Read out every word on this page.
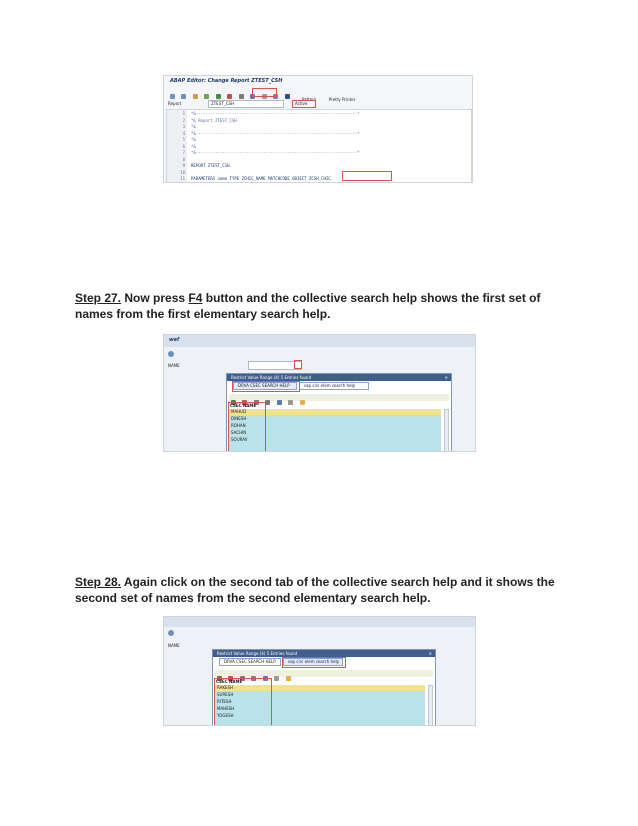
ABAP Editor: Change Report ZTEST_CSH
Pattern	Pretty Printer
Report	ZTEST_CSH	Active
1
2
3
4
5
6
7
8
9
10
11
*&-------------------------------------------------------------------*
*& Report ZTEST_CSH
*&
*&-------------------------------------------------------------------*
*&
*&
*&-------------------------------------------------------------------*
REPORT ZTEST_CSH.
PARAMETERS name TYPE ZCHIC_NAME MATCHCODE OBJECT ZCSH_CHIC.
Step 27. Now press F4 button and the collective search help shows the first set of names from the first elementary search help.
wef
NAME
Restrict Value Range (4) 5 Entries found	✕
DRVA CSEC SEARCH HELP	sap circ elem search help

CSEC NAME
MAHUD
DINESH
ROHAN
SACHIN
SOURAV
Step 28. Again click on the second tab of the collective search help and it shows the second set of names from the second elementary search help.
NAME
Restrict Value Range (4) 5 Entries found	✕
DRVA CSEC SEARCH HELP	sap circ elem search help

CSEC NAME
RAKESH
SURESH
RITESH
MAHESH
YOGESH
